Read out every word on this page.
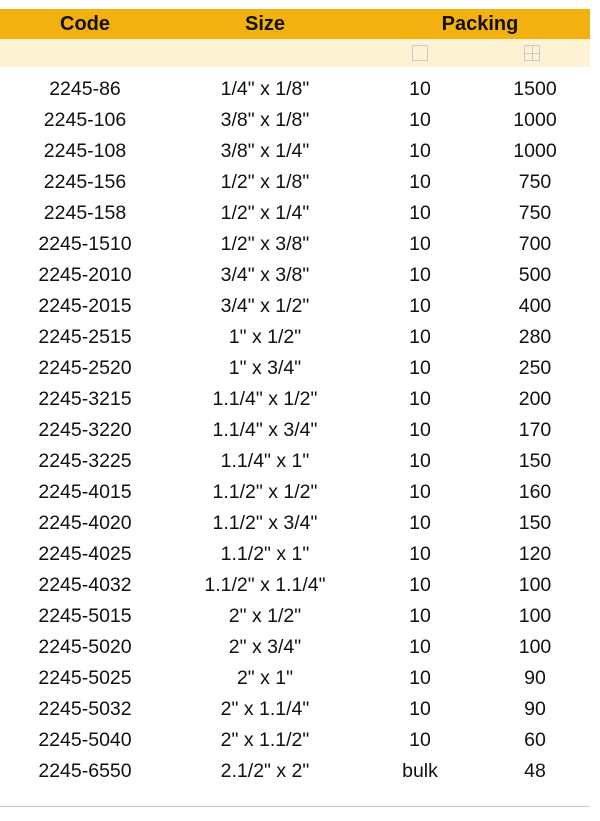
Code	Size	Packing
2245-86	1/4" x 1/8"	10	1500
2245-106	3/8" x 1/8"	10	1000
2245-108	3/8" x 1/4"	10	1000
2245-156	1/2" x 1/8"	10	750
2245-158	1/2" x 1/4"	10	750
2245-1510	1/2" x 3/8"	10	700
2245-2010	3/4" x 3/8"	10	500
2245-2015	3/4" x 1/2"	10	400
2245-2515	1" x 1/2"	10	280
2245-2520	1" x 3/4"	10	250
2245-3215	1.1/4" x 1/2"	10	200
2245-3220	1.1/4" x 3/4"	10	170
2245-3225	1.1/4" x 1"	10	150
2245-4015	1.1/2" x 1/2"	10	160
2245-4020	1.1/2" x 3/4"	10	150
2245-4025	1.1/2" x 1"	10	120
2245-4032	1.1/2" x 1.1/4"	10	100
2245-5015	2" x 1/2"	10	100
2245-5020	2" x 3/4"	10	100
2245-5025	2" x 1"	10	90
2245-5032	2" x 1.1/4"	10	90
2245-5040	2" x 1.1/2"	10	60
2245-6550	2.1/2" x 2"	bulk	48
